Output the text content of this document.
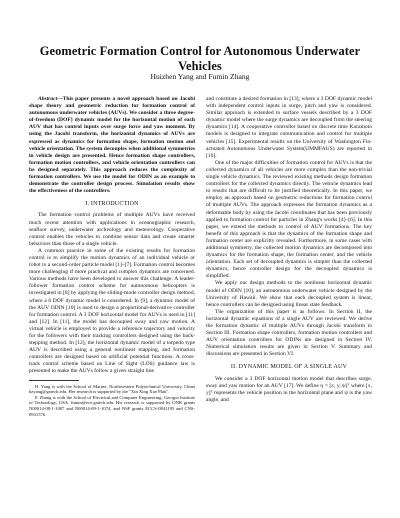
Geometric Formation Control for Autonomous Underwater Vehicles
Huizhen Yang and Fumin Zhang

Abstract—This paper presents a novel approach based on Jacobi shape theory and geometric reduction for formation control of autonomous underwater vehicles (AUVs). We consider a three degree-of-freedom (DOF) dynamic model for the horizontal motion of each AUV that has control inputs over surge force and yaw moment. By using the Jacobi transform, the horizontal dynamics of AUVs are expressed as dynamics for formation shape, formation motion and vehicle orientation. The system decouples when additional symmetries in vehicle design are presented. Hence formation shape controllers, formation motion controllers, and vehicle orientation controllers can be designed separately. This approach reduces the complexity of formation controllers. We use the model for ODIN as an example to demonstrate the controller design process. Simulation results show the effectiveness of the controllers.

I. INTRODUCTION

The formation control problems of multiple AUVs have received much recent attention with applications in oceanographic research, seafloor survey, underwater archeology and meteorology. Cooperative control enables the vehicles to combine sensor data and create smarter behaviors than those of a single vehicle.

A common practice in some of the existing results for formation control is to simplify the motion dynamics of an individual vehicle or robot to a second-order particle model [1]–[7]. Formation control becomes more challenging if more practical and complex dynamics are concerned. Various methods have been developed to answer this challenge. A leader-follower formation control scheme for autonomous helicopters is investigated in [8] by applying the sliding-mode controller design method, where a 6 DOF dynamic model is considered. In [9], a dynamic model of the AUV ODIN [10] is used to design a proportional-derivative controller for formation control. A 3 DOF horizontal model for AUVs is used in [11] and [12]. In [11], the model has decoupled sway and yaw motion. A virtual vehicle is employed to provide a reference trajectory and velocity for the followers with their tracking controllers designed using the back-stepping method. In [12], the horizontal dynamic model of a torpedo type AUV is described using a general nonlinear mapping, and formation controllers are designed based on artificial potential functions. A cross-track control scheme based on Line of Sight (LOS) guidance law is presented to make the AUVs follow a given straight line

H. Yang is with the School of Marine, Northwestern Polytechnical University, China hzyang@gatech.edu. Her research is supported by the "Xin Xing Xue Plan".

F. Zhang is with the School of Electrical and Computer Engineering, Georgia Institute of Technology, USA, fumin@ece.gatech.edu. His research is supported by ONR grants N00014-08-1-1007 and N00014-09-1-1074, and NSF grants ECCS-0841195 and CNS-0931576.

and constitute a desired formation in [13], where a 3 DOF dynamic model with independent control inputs in surge, pitch and yaw is considered. Similar approach is extended to surface vessels described by a 3 DOF dynamic model where the surge dynamics are decoupled from the steering dynamics [14]. A cooperative controller based on discrete time Kuramoto models is designed to integrate communication and control for multiple vehicles [15]. Experimental results on the University of Washington Fin-actuated Autonomous Underwater System(UMMFAUS) are reported in [16].

One of the major difficulties of formation control for AUVs is that the collected dynamics of all vehicles are more complex than the non-trivial single vehicle dynamics. The reviewed existing methods design formation controllers for the collected dynamics directly. The vehicle dynamics lead to results that are difficult to be justified theoretically. In this paper, we employ an approach based on geometric reductions for formation control of multiple AUVs. The approach expresses the formation dynamics as a deformable body by using the Jacobi coordinates that has been previously applied to formation control for particles in Zhang's works [4]–[6]. In this paper, we extend the methods to control of AUV formations. The key benefit of this approach is that the dynamics of the formation shape and formation center are explicitly revealed. Furthermore, in some cases with additional symmetry, the collected motion dynamics are decomposed into dynamics for the formation shape, the formation center, and the vehicle orientation. Each set of decoupled dynamics is simpler than the collected dynamics, hence controller design for the decoupled dynamics is simplified.

We apply our design methods to the nonlinear horizontal dynamic model of ODIN [10], an autonomous underwater vehicle designed by the University of Hawaii. We show that each decoupled system is linear, hence controllers can be designed using linear state feedback.

The organization of this paper is as follows. In Section II, the horizontal dynamic equations of a single AUV are reviewed. We derive the formation dynamic of multiple AUVs through Jacobi transform in Section III. Formation shape controllers, formation motion controllers and AUV orientation controllers for ODINs are designed in Section IV. Numerical simulation results are given in Section V. Summary and discussions are presented in Section VI.

II. DYNAMIC MODEL OF A SINGLE AUV

We consider a 3 DOF horizontal motion model that describes surge, sway and yaw motion for an AUV [17]. We define η = [x, y, ψ]ᵀ where [x, y]ᵀ represents the vehicle position in the horizontal plane and ψ is the yaw angle, and
